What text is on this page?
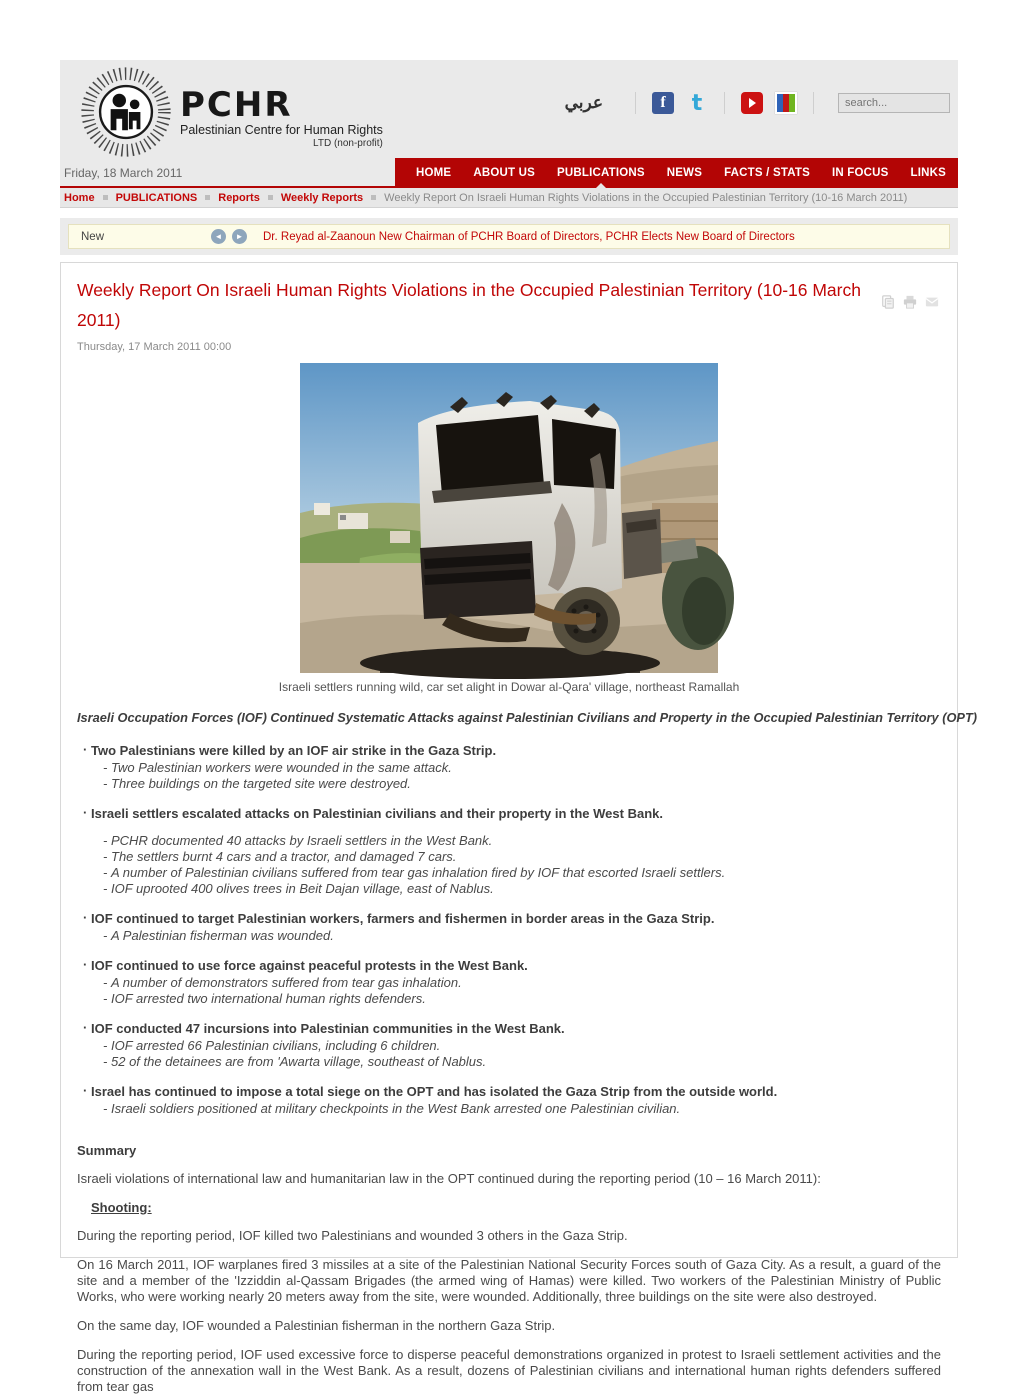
PCHR
Palestinian Centre for Human Rights
LTD (non-profit)
عربي	f	t
search...
Friday, 18 March 2011	HOME	ABOUT US	PUBLICATIONS	NEWS	FACTS / STATS	IN FOCUS	LINKS
Home PUBLICATIONS Reports Weekly Reports Weekly Report On Israeli Human Rights Violations in the Occupied Palestinian Territory (10-16 March 2011)
New	◄	►	Dr. Reyad al-Zaanoun New Chairman of PCHR Board of Directors, PCHR Elects New Board of Directors
Weekly Report On Israeli Human Rights Violations in the Occupied Palestinian Territory (10-16 March 2011)
Thursday, 17 March 2011 00:00
Israeli settlers running wild, car set alight in Dowar al-Qara' village, northeast Ramallah
Israeli Occupation Forces (IOF) Continued Systematic Attacks against Palestinian Civilians and Property in the Occupied Palestinian Territory (OPT)
· Two Palestinians were killed by an IOF air strike in the Gaza Strip.
- Two Palestinian workers were wounded in the same attack.
- Three buildings on the targeted site were destroyed.
· Israeli settlers escalated attacks on Palestinian civilians and their property in the West Bank.
- PCHR documented 40 attacks by Israeli settlers in the West Bank.
- The settlers burnt 4 cars and a tractor, and damaged 7 cars.
- A number of Palestinian civilians suffered from tear gas inhalation fired by IOF that escorted Israeli settlers.
- IOF uprooted 400 olives trees in Beit Dajan village, east of Nablus.
· IOF continued to target Palestinian workers, farmers and fishermen in border areas in the Gaza Strip.
- A Palestinian fisherman was wounded.
· IOF continued to use force against peaceful protests in the West Bank.
- A number of demonstrators suffered from tear gas inhalation.
- IOF arrested two international human rights defenders.
· IOF conducted 47 incursions into Palestinian communities in the West Bank.
- IOF arrested 66 Palestinian civilians, including 6 children.
- 52 of the detainees are from 'Awarta village, southeast of Nablus.
· Israel has continued to impose a total siege on the OPT and has isolated the Gaza Strip from the outside world.
- Israeli soldiers positioned at military checkpoints in the West Bank arrested one Palestinian civilian.
Summary

Israeli violations of international law and humanitarian law in the OPT continued during the reporting period (10 – 16 March 2011):

Shooting:

During the reporting period, IOF killed two Palestinians and wounded 3 others in the Gaza Strip.

On 16 March 2011, IOF warplanes fired 3 missiles at a site of the Palestinian National Security Forces south of Gaza City. As a result, a guard of the site and a member of the 'Izziddin al-Qassam Brigades (the armed wing of Hamas) were killed. Two workers of the Palestinian Ministry of Public Works, who were working nearly 20 meters away from the site, were wounded. Additionally, three buildings on the site were also destroyed.

On the same day, IOF wounded a Palestinian fisherman in the northern Gaza Strip.

During the reporting period, IOF used excessive force to disperse peaceful demonstrations organized in protest to Israeli settlement activities and the construction of the annexation wall in the West Bank. As a result, dozens of Palestinian civilians and international human rights defenders suffered from tear gas
